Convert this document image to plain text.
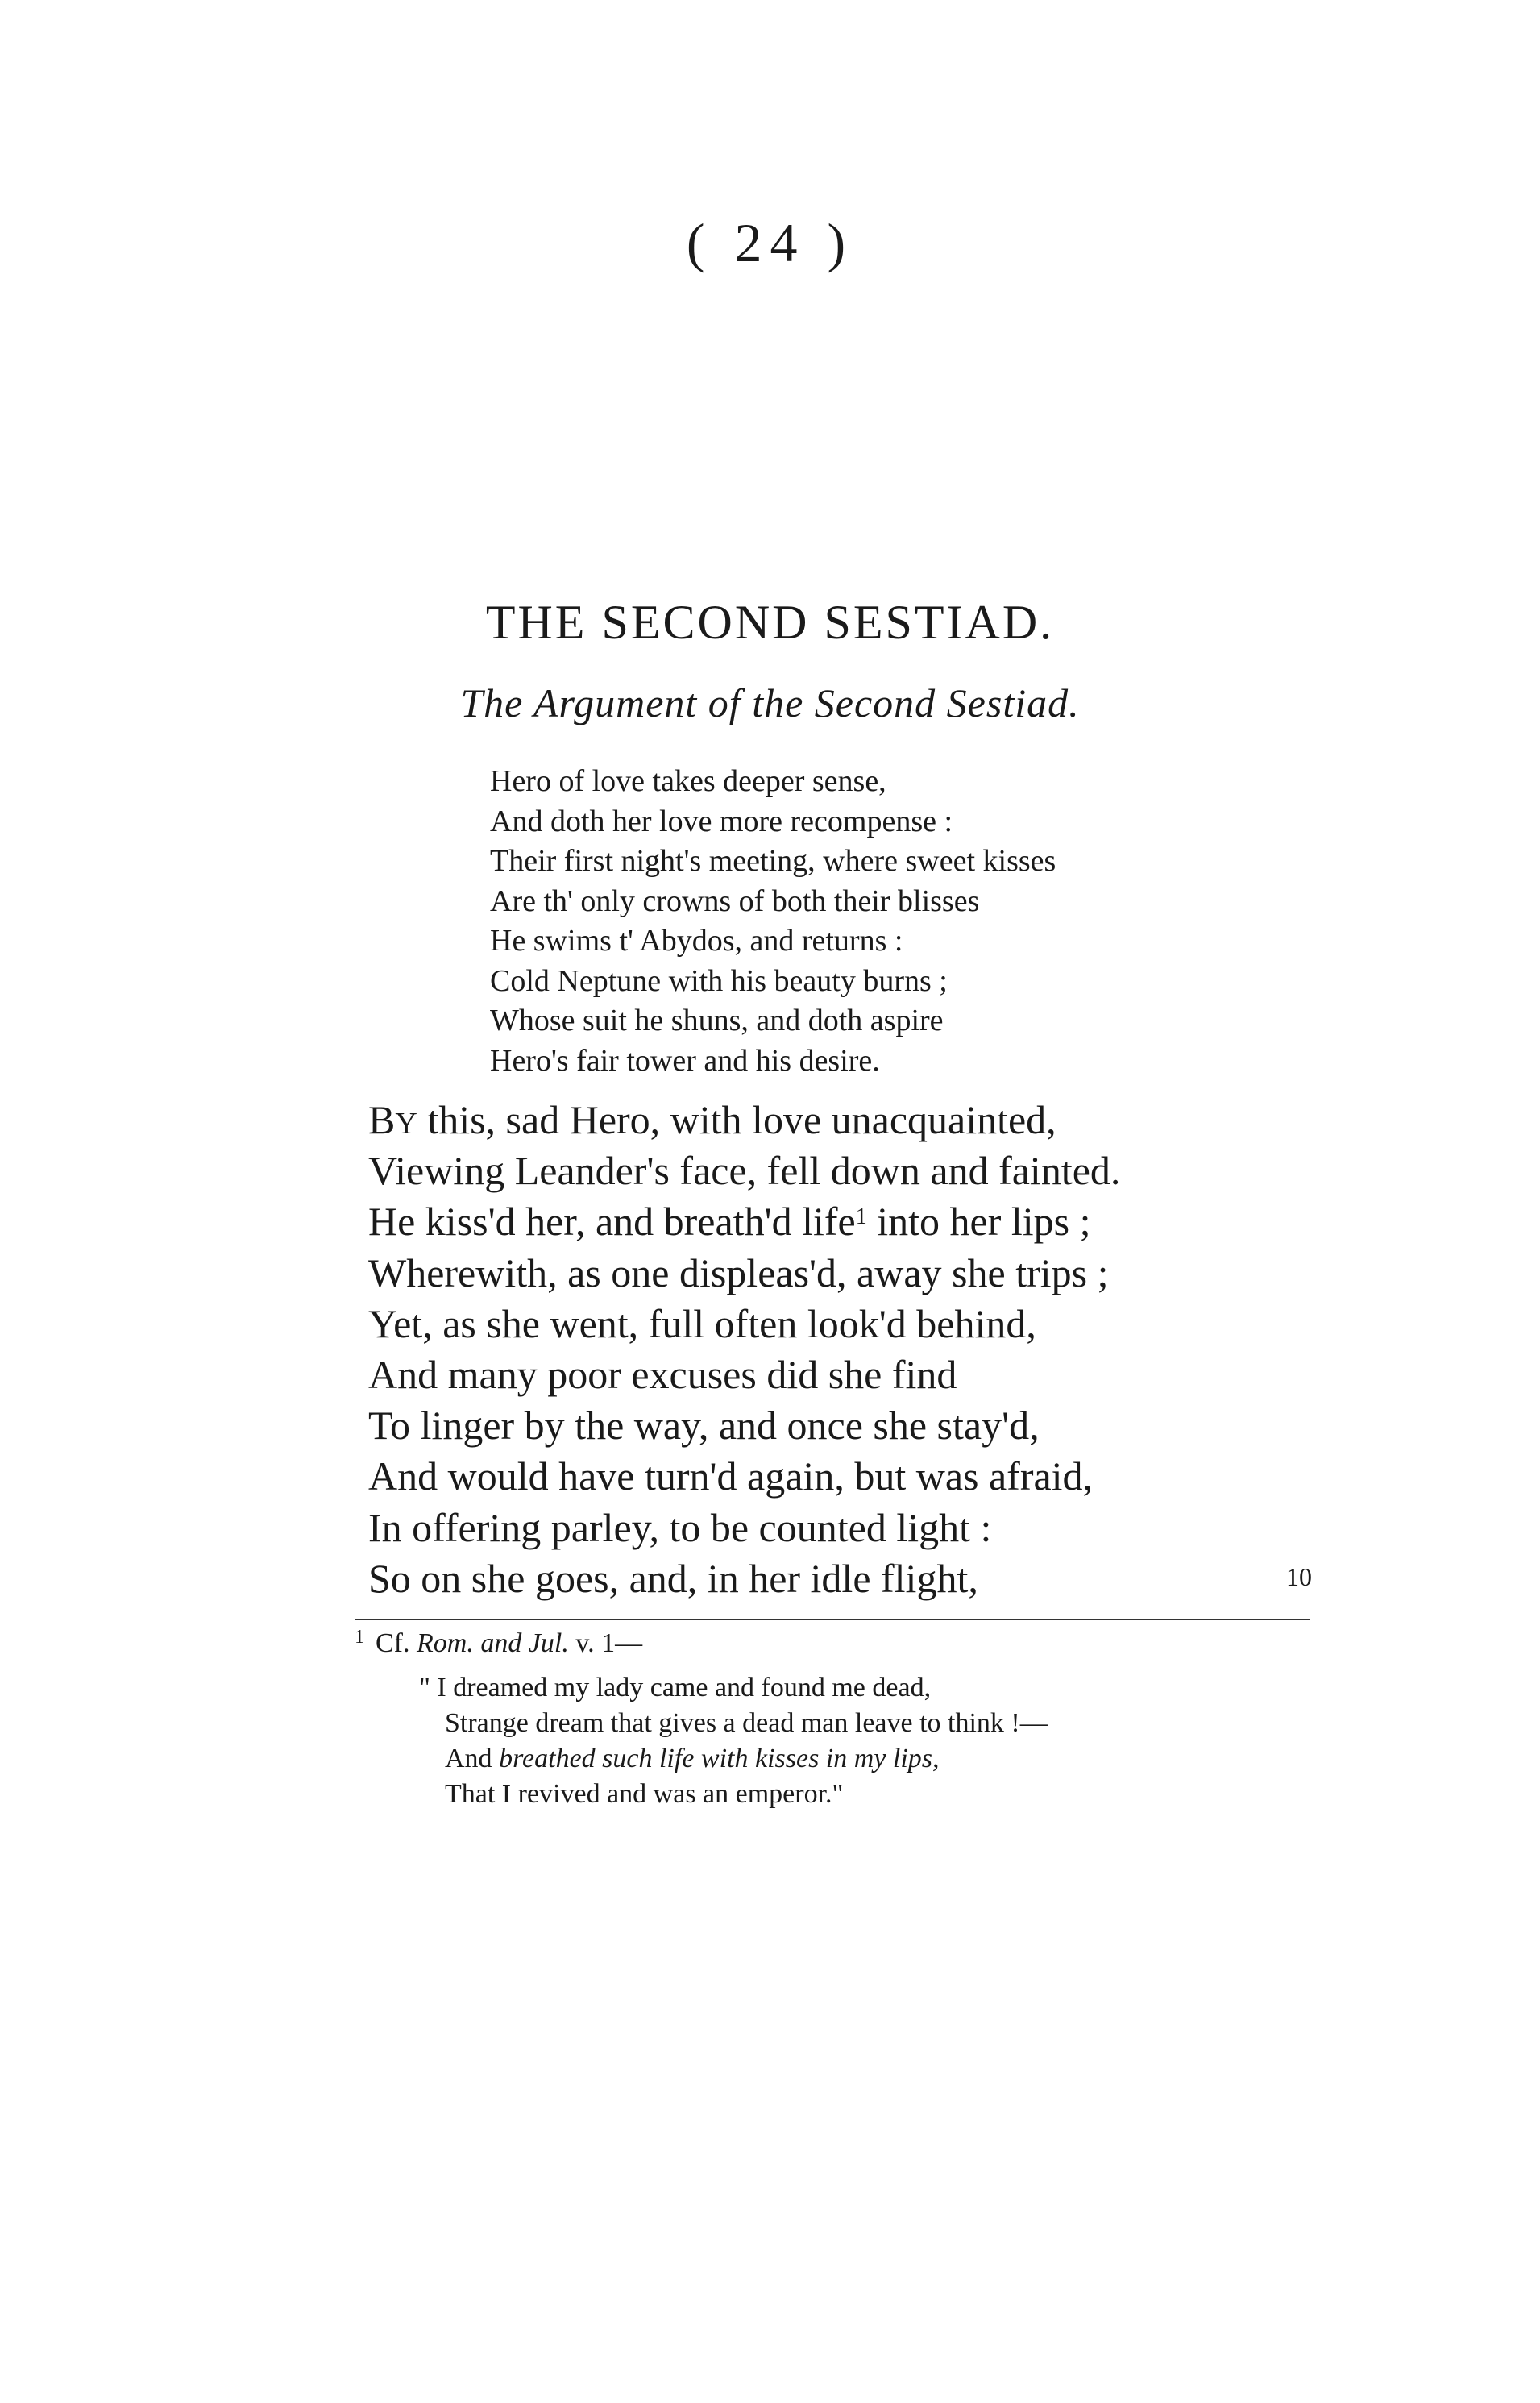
( 24 )
THE SECOND SESTIAD.
The Argument of the Second Sestiad.
Hero of love takes deeper sense,
And doth her love more recompense :
Their first night's meeting, where sweet kisses
Are th' only crowns of both their blisses
He swims t' Abydos, and returns :
Cold Neptune with his beauty burns ;
Whose suit he shuns, and doth aspire
Hero's fair tower and his desire.
BY this, sad Hero, with love unacquainted,
Viewing Leander's face, fell down and fainted.
He kiss'd her, and breath'd life$^1$ into her lips ;
Wherewith, as one displeas'd, away she trips ;
Yet, as she went, full often look'd behind,
And many poor excuses did she find
To linger by the way, and once she stay'd,
And would have turn'd again, but was afraid,
In offering parley, to be counted light :
So on she goes, and, in her idle flight,	10
$^1$ Cf. Rom. and Jul. v. 1—
" I dreamed my lady came and found me dead,
Strange dream that gives a dead man leave to think !—
And breathed such life with kisses in my lips,
That I revived and was an emperor."
